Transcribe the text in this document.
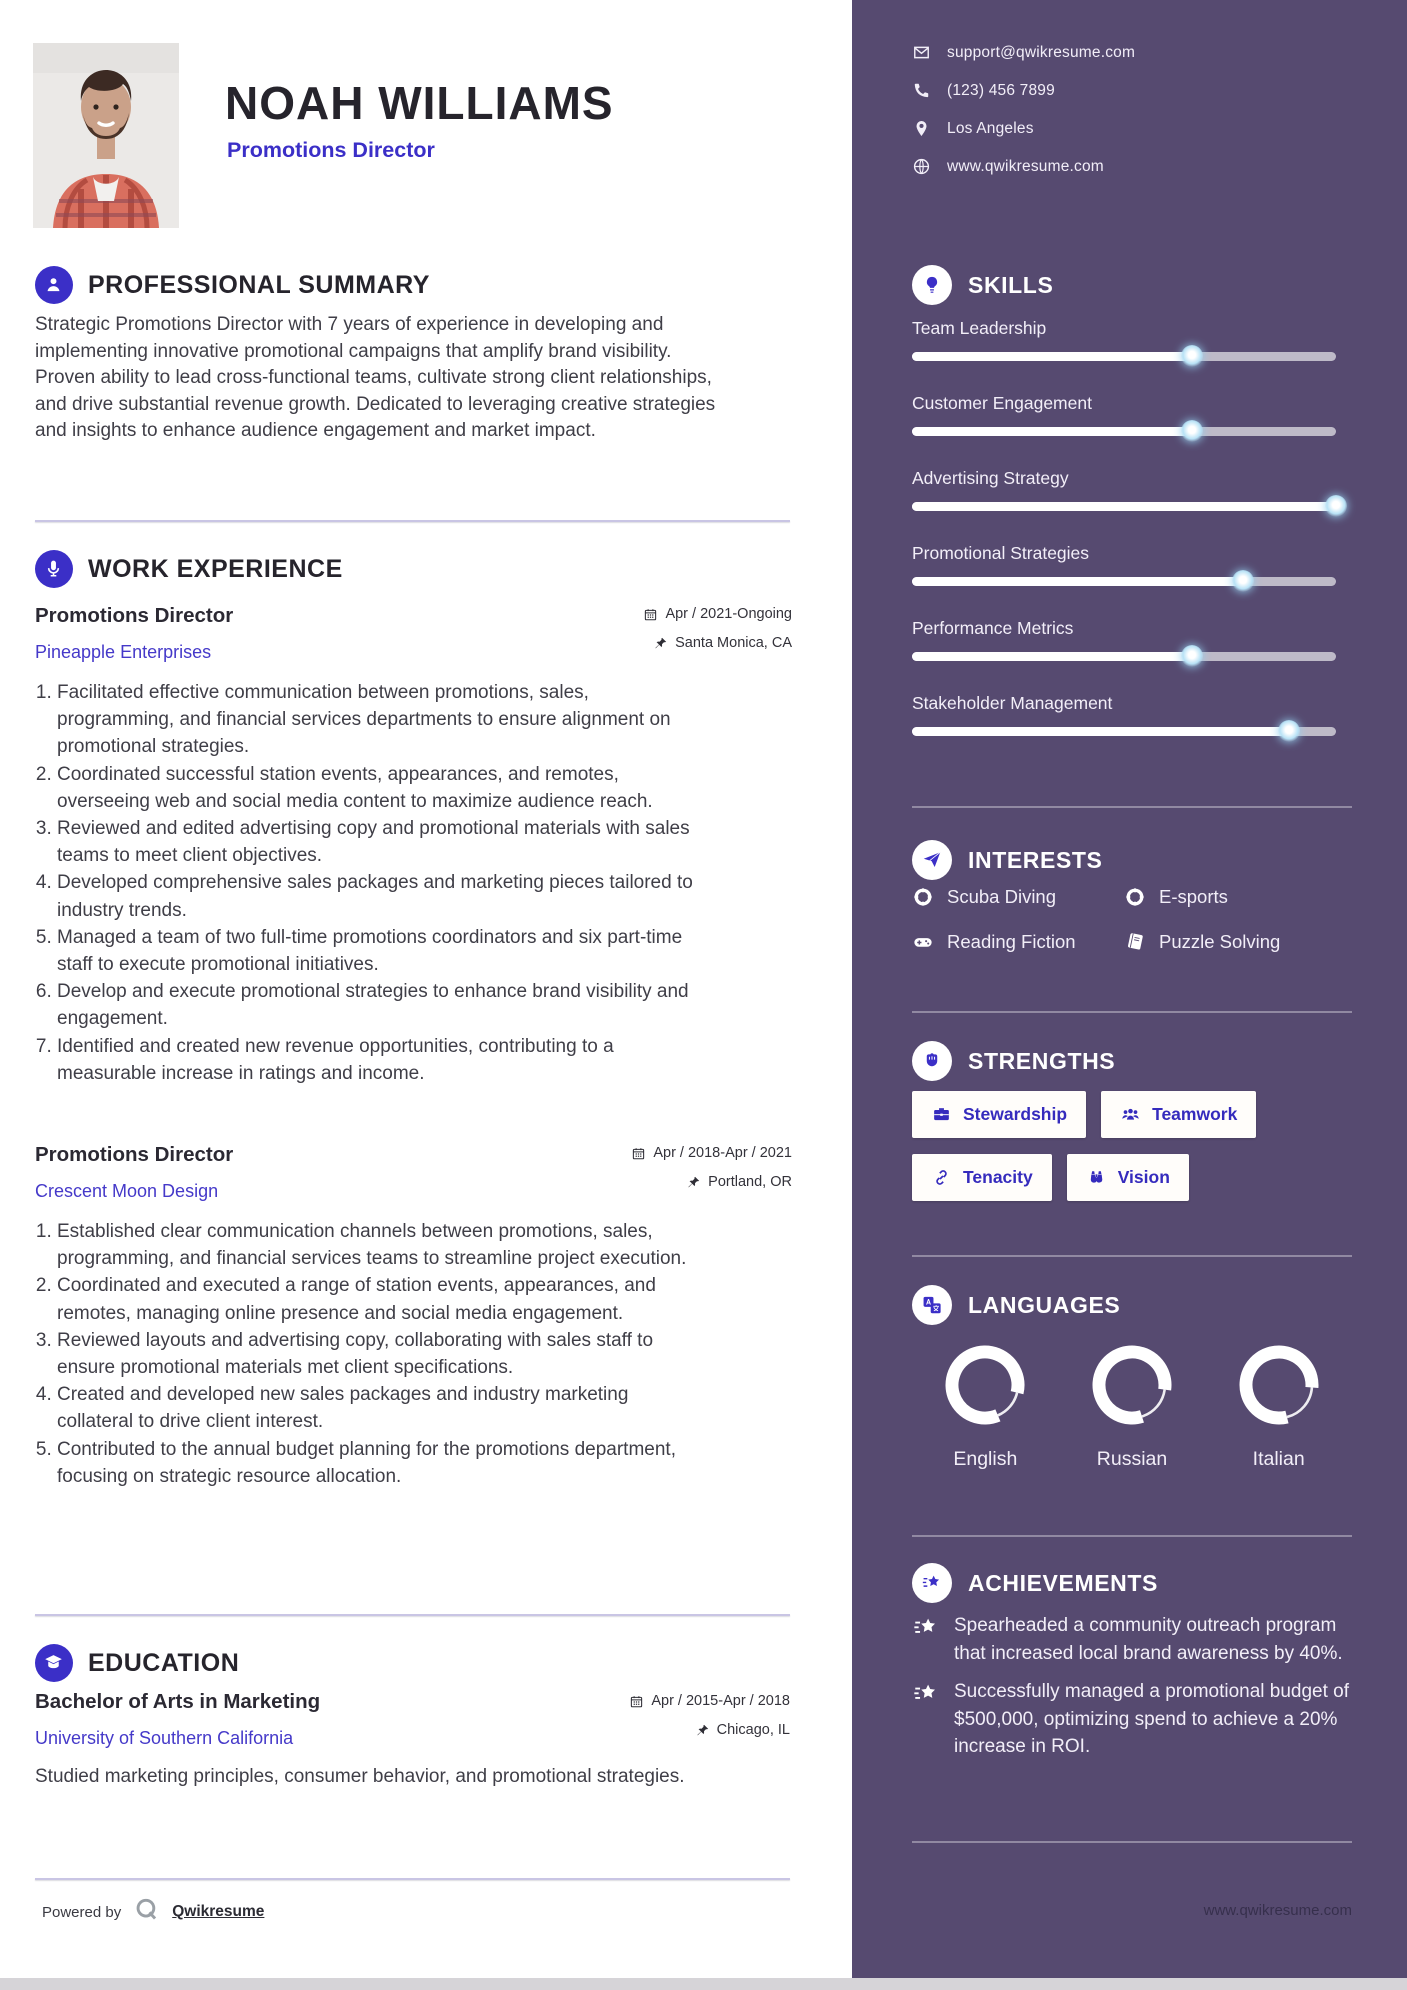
NOAH WILLIAMS
Promotions Director
PROFESSIONAL SUMMARY
Strategic Promotions Director with 7 years of experience in developing and implementing innovative promotional campaigns that amplify brand visibility. Proven ability to lead cross-functional teams, cultivate strong client relationships, and drive substantial revenue growth. Dedicated to leveraging creative strategies and insights to enhance audience engagement and market impact.
WORK EXPERIENCE
Promotions Director
Pineapple Enterprises
Apr / 2021-Ongoing
Santa Monica, CA
1. Facilitated effective communication between promotions, sales, programming, and financial services departments to ensure alignment on promotional strategies.
2. Coordinated successful station events, appearances, and remotes, overseeing web and social media content to maximize audience reach.
3. Reviewed and edited advertising copy and promotional materials with sales teams to meet client objectives.
4. Developed comprehensive sales packages and marketing pieces tailored to industry trends.
5. Managed a team of two full-time promotions coordinators and six part-time staff to execute promotional initiatives.
6. Develop and execute promotional strategies to enhance brand visibility and engagement.
7. Identified and created new revenue opportunities, contributing to a measurable increase in ratings and income.
Promotions Director
Crescent Moon Design
Apr / 2018-Apr / 2021
Portland, OR
1. Established clear communication channels between promotions, sales, programming, and financial services teams to streamline project execution.
2. Coordinated and executed a range of station events, appearances, and remotes, managing online presence and social media engagement.
3. Reviewed layouts and advertising copy, collaborating with sales staff to ensure promotional materials met client specifications.
4. Created and developed new sales packages and industry marketing collateral to drive client interest.
5. Contributed to the annual budget planning for the promotions department, focusing on strategic resource allocation.
EDUCATION
Bachelor of Arts in Marketing
University of Southern California
Apr / 2015-Apr / 2018
Chicago, IL
Studied marketing principles, consumer behavior, and promotional strategies.
Powered by	Qwikresume
support@qwikresume.com
(123) 456 7899
Los Angeles
www.qwikresume.com
SKILLS
Team Leadership
Customer Engagement
Advertising Strategy
Promotional Strategies
Performance Metrics
Stakeholder Management
INTERESTS
Scuba Diving	E-sports
Reading Fiction	Puzzle Solving
STRENGTHS
Stewardship	Teamwork
Tenacity	Vision
LANGUAGES
English	Russian	Italian
ACHIEVEMENTS
Spearheaded a community outreach program that increased local brand awareness by 40%.
Successfully managed a promotional budget of $500,000, optimizing spend to achieve a 20% increase in ROI.
www.qwikresume.com
